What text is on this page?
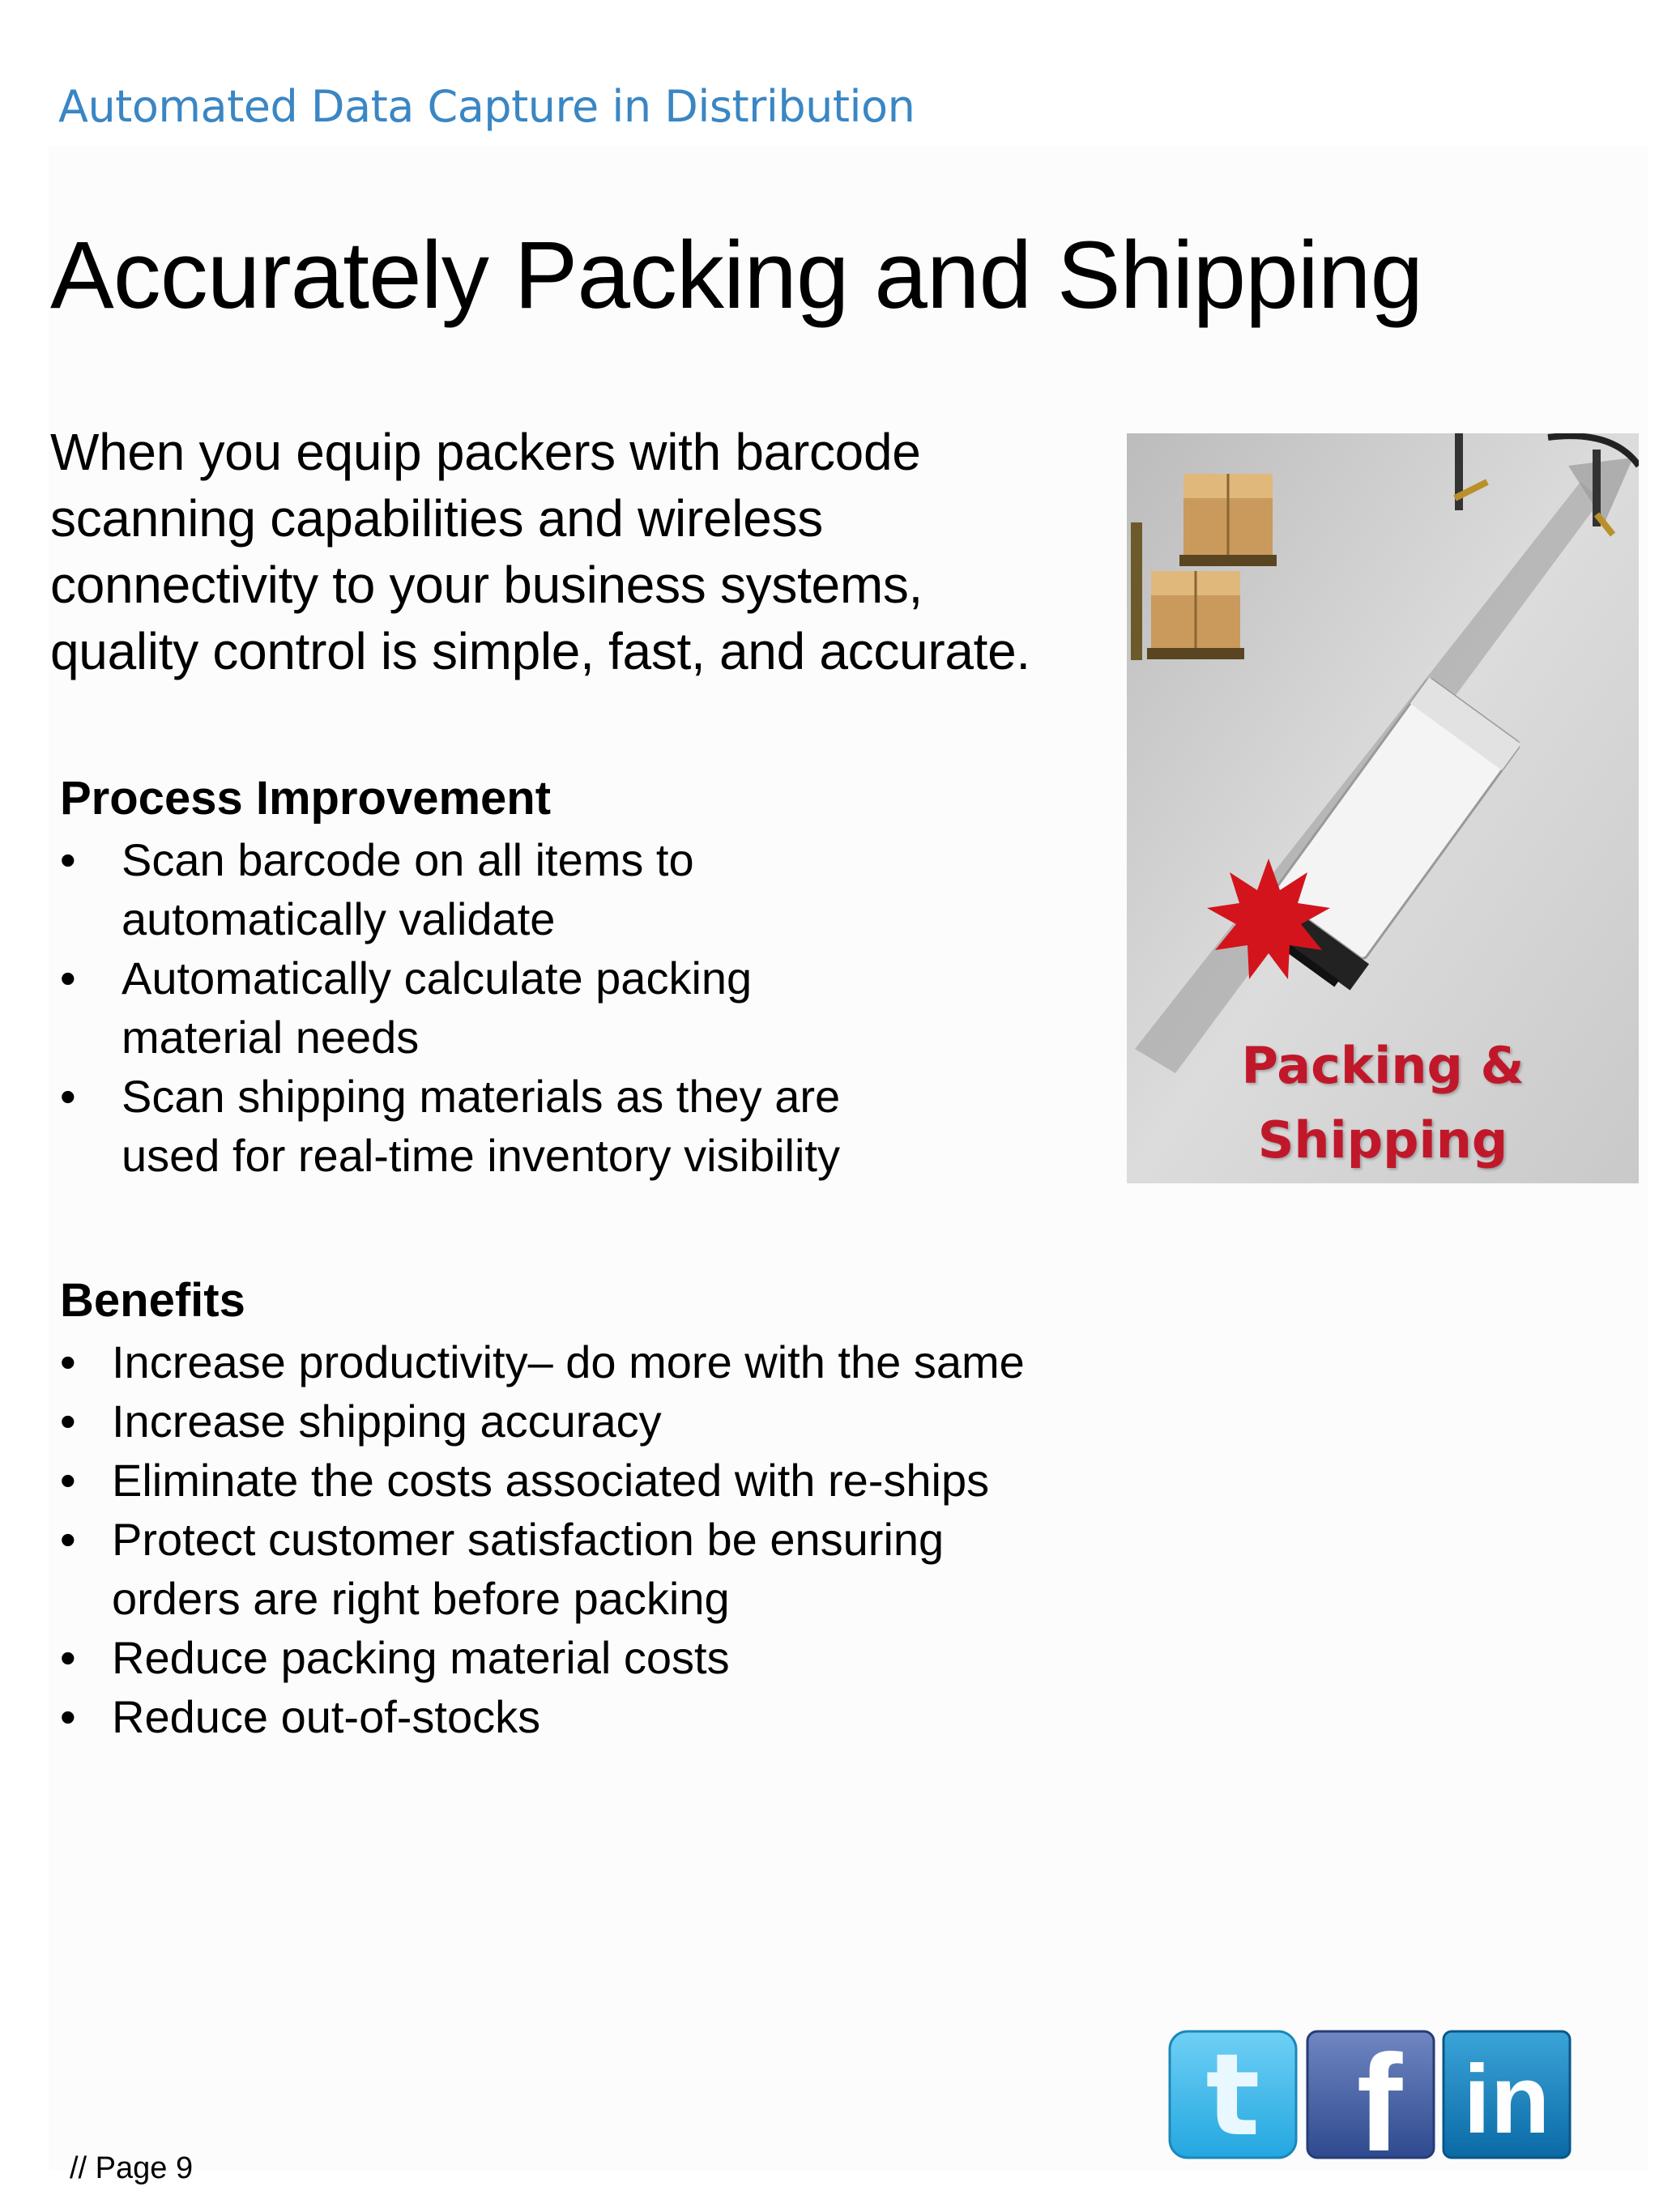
Automated Data Capture in Distribution
Accurately Packing and Shipping
When you equip packers with barcode
scanning capabilities and wireless
connectivity to your business systems,
quality control is simple, fast, and accurate.
Process Improvement
• Scan barcode on all items to
automatically validate
• Automatically calculate packing
material needs
• Scan shipping materials as they are
used for real-time inventory visibility
Benefits
• Increase productivity– do more with the same
• Increase shipping accuracy
• Eliminate the costs associated with re-ships
• Protect customer satisfaction be ensuring
orders are right before packing
• Reduce packing material costs
• Reduce out-of-stocks
Packing &
Shipping
t f in
// Page 9
